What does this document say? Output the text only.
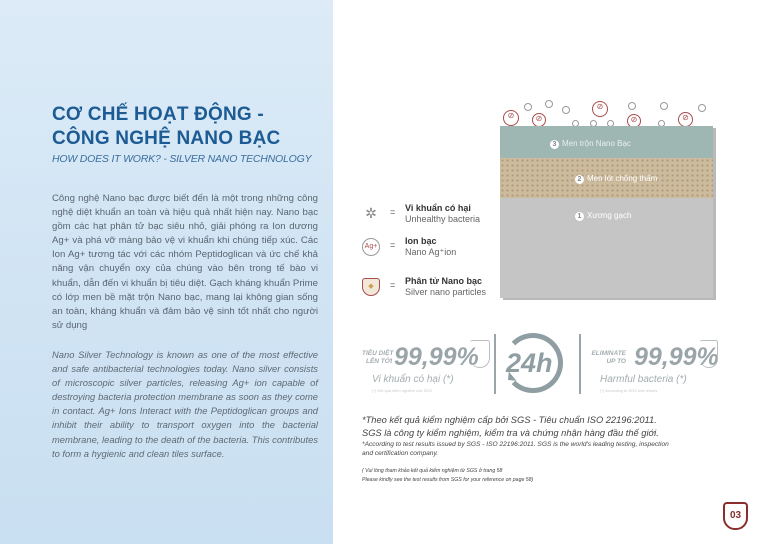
CƠ CHẾ HOẠT ĐỘNG -
CÔNG NGHỆ NANO BẠC
HOW DOES IT WORK? - SILVER NANO TECHNOLOGY
Công nghệ Nano bạc được biết đến là một trong những công nghệ diệt khuẩn an toàn và hiệu quả nhất hiện nay. Nano bạc gồm các hạt phân tử bạc siêu nhỏ, giải phóng ra Ion dương Ag+ và phá vỡ màng bảo vệ vi khuẩn khi chúng tiếp xúc. Các Ion Ag+ tương tác với các nhóm Peptidoglican và ức chế khả năng vận chuyển oxy của chúng vào bên trong tế bào vi khuẩn, dẫn đến vi khuẩn bị tiêu diệt. Gạch kháng khuẩn Prime có lớp men bề mặt trộn Nano bạc, mang lại không gian sống an toàn, kháng khuẩn và đảm bảo vệ sinh tốt nhất cho người sử dụng
Nano Silver Technology is known as one of the most effective and safe antibacterial technologies today. Nano silver consists of microscopic silver particles, releasing Ag+ ion capable of destroying bacteria protection membrane as soon as they come in contact. Ag+ Ions Interact with the Peptidoglican groups and inhibit their ability to transport oxygen into the bacterial membrane, leading to the death of the bacteria. This contributes to form a hygienic and clean tiles surface.
⊘	⊘
⊘
⊘	⊘
3 Men trộn Nano Bạc
2 Men lót chống thấm
1 Xương gạch
✲	= Vi khuẩn có hại
Unhealthy bacteria
Ag+ = Ion bạc
Nano Ag⁺ion
◆	= Phân tử Nano bạc
Silver nano particles
TIÊU DIỆT
LÊN TỚI 99,99%
Vi khuẩn có hại (*)
(*) Kết quả kiểm nghiệm của SGS
24h	ELIMINATE
UP TO 99,99%
Harmful bacteria (*)
(*) According to SGS test results
*Theo kết quả kiểm nghiệm cấp bởi SGS - Tiêu chuẩn ISO 22196:2011.
SGS là công ty kiểm nghiệm, kiểm tra và chứng nhận hàng đầu thế giới.
*According to test results issued by SGS - ISO 22196:2011. SGS is the world's leading testing, inspection
and certification company.
( Vui lòng tham khảo kết quả kiểm nghiệm từ SGS ở trang 58
Please kindly see the test results from SGS for your reference on page 58)
03
